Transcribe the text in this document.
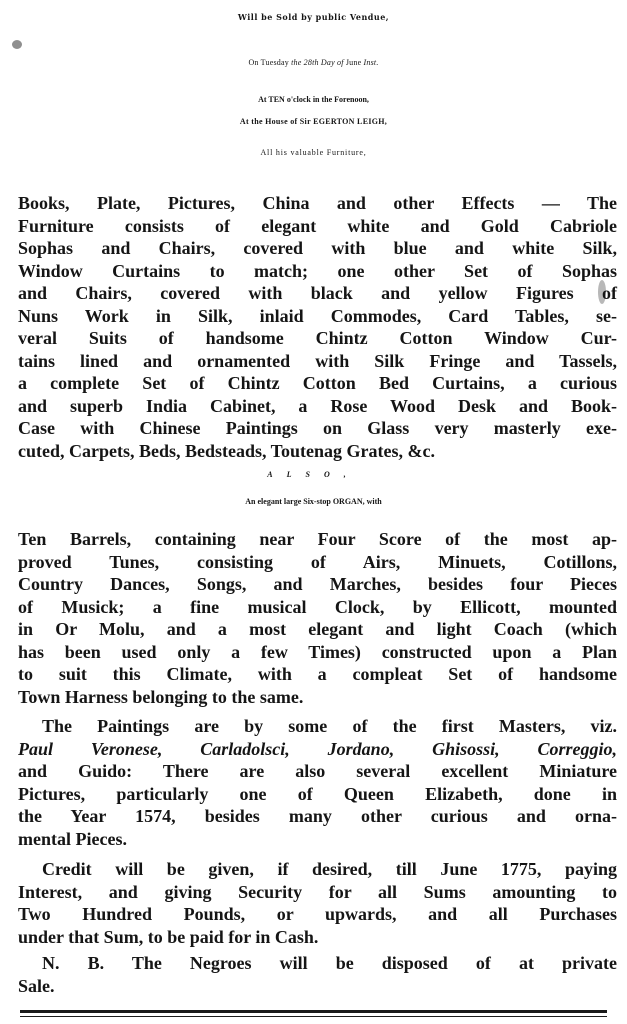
Will be Sold by public Vendue,
On Tuesday the 28th Day of June Inst.
At TEN o'clock in the Forenoon,
At the House of Sir EGERTON LEIGH,
All his valuable Furniture,
Books, Plate, Pictures, China and other Effects — The
Furniture consists of elegant white and Gold Cabriole
Sophas and Chairs, covered with blue and white Silk,
Window Curtains to match; one other Set of Sophas
and Chairs, covered with black and yellow Figures of
Nuns Work in Silk, inlaid Commodes, Card Tables, se-
veral Suits of handsome Chintz Cotton Window Cur-
tains lined and ornamented with Silk Fringe and Tassels,
a complete Set of Chintz Cotton Bed Curtains, a curious
and superb India Cabinet, a Rose Wood Desk and Book-
Case with Chinese Paintings on Glass very masterly exe-
cuted, Carpets, Beds, Bedsteads, Toutenag Grates, &c.
ALSO,
An elegant large Six-stop ORGAN, with
Ten Barrels, containing near Four Score of the most ap-
proved Tunes, consisting of Airs, Minuets, Cotillons,
Country Dances, Songs, and Marches, besides four Pieces
of Musick; a fine musical Clock, by Ellicott, mounted
in Or Molu, and a most elegant and light Coach (which
has been used only a few Times) constructed upon a Plan
to suit this Climate, with a compleat Set of handsome
Town Harness belonging to the same.
The Paintings are by some of the first Masters, viz.
Paul Veronese, Carladolsci, Jordano, Ghisossi, Correggio,
and Guido: There are also several excellent Miniature
Pictures, particularly one of Queen Elizabeth, done in
the Year 1574, besides many other curious and orna-
mental Pieces.
Credit will be given, if desired, till June 1775, paying
Interest, and giving Security for all Sums amounting to
Two Hundred Pounds, or upwards, and all Purchases
under that Sum, to be paid for in Cash.
N. B. The Negroes will be disposed of at private
Sale.
